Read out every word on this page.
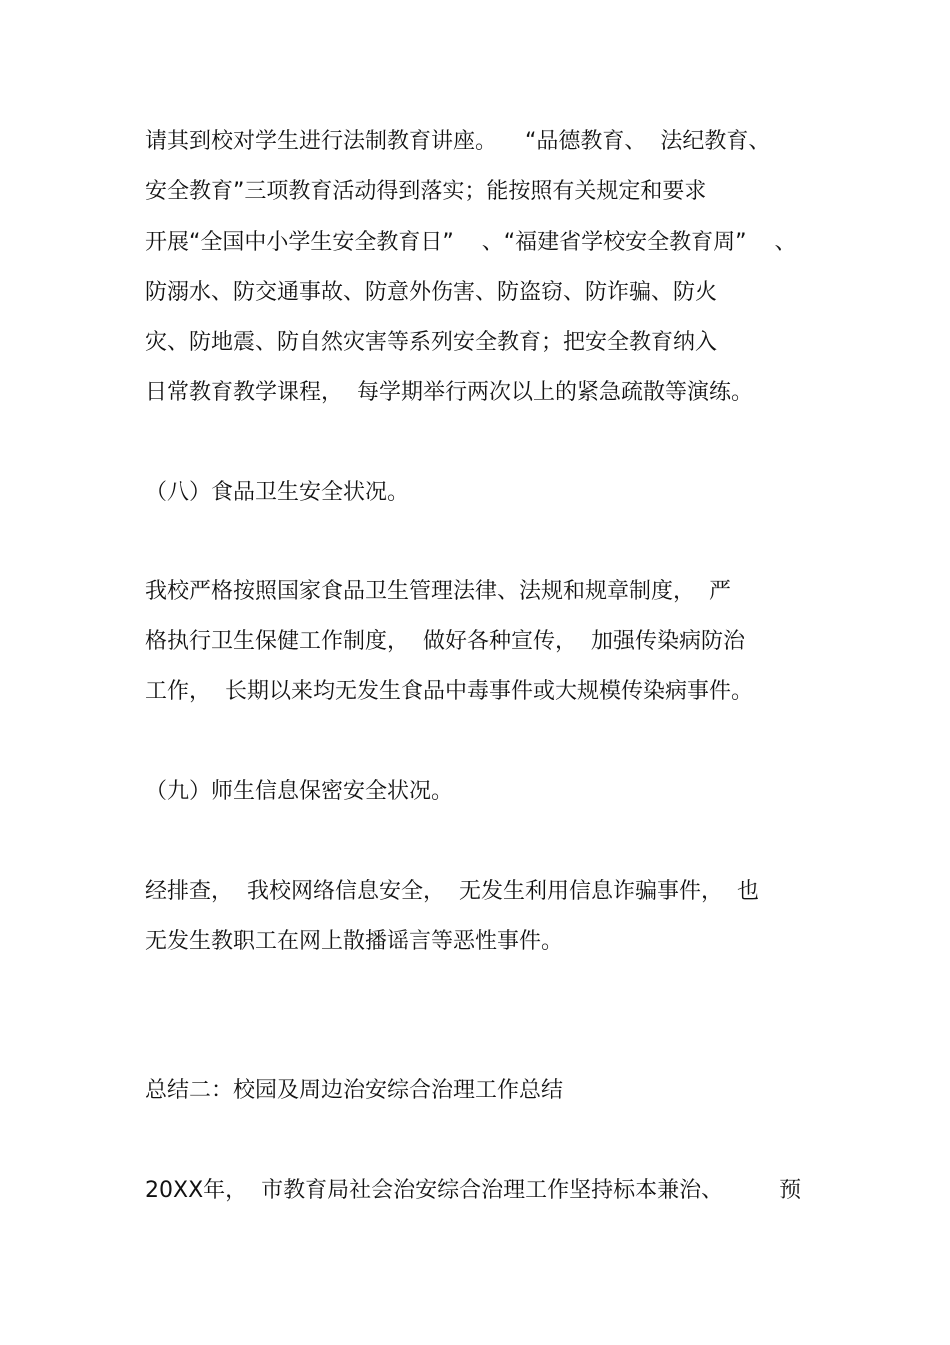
请其到校对学生进行法制教育讲座。    “品德教育、  法纪教育、
安全教育”三项教育活动得到落实；能按照有关规定和要求
开展“全国中小学生安全教育日”    、“福建省学校安全教育周”    、
防溺水、防交通事故、防意外伤害、防盗窃、防诈骗、防火
灾、防地震、防自然灾害等系列安全教育；把安全教育纳入
日常教育教学课程，  每学期举行两次以上的紧急疏散等演练。
（八）食品卫生安全状况。
我校严格按照国家食品卫生管理法律、法规和规章制度，  严
格执行卫生保健工作制度，  做好各种宣传，  加强传染病防治
工作，  长期以来均无发生食品中毒事件或大规模传染病事件。
（九）师生信息保密安全状况。
经排查，  我校网络信息安全，  无发生利用信息诈骗事件，  也
无发生教职工在网上散播谣言等恶性事件。
总结二：校园及周边治安综合治理工作总结
20XX年，  市教育局社会治安综合治理工作坚持标本兼治、        预
